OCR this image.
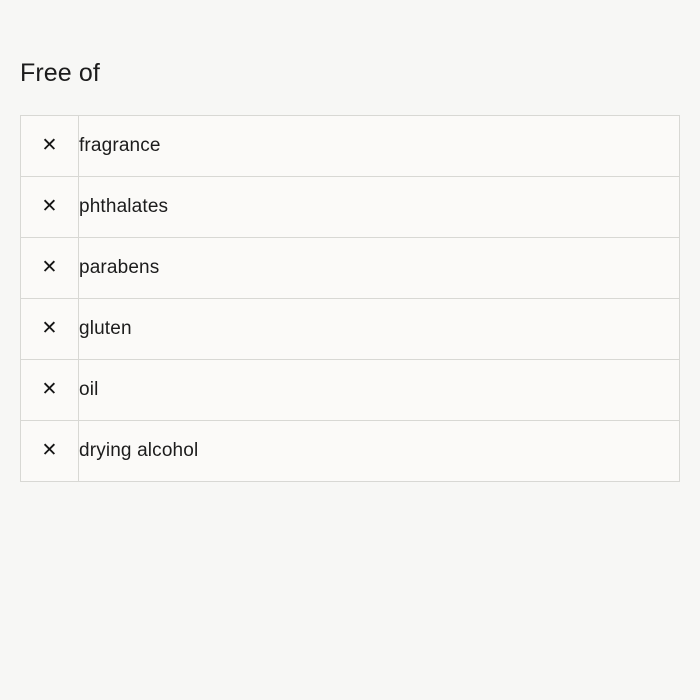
Free of
✕	fragrance
✕	phthalates
✕	parabens
✕	gluten
✕	oil
✕	drying alcohol
